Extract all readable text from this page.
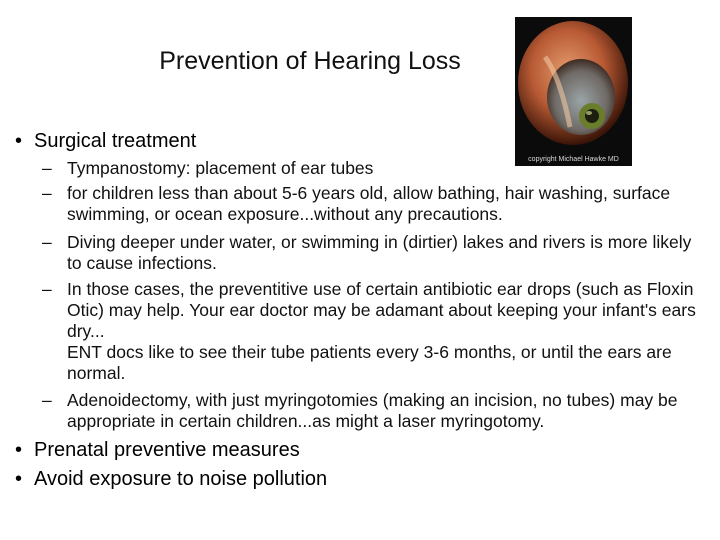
Prevention of Hearing Loss
copyright Michael Hawke MD
• Surgical treatment
– Tympanostomy: placement of ear tubes
– for children less than about 5-6 years old, allow bathing, hair washing, surface swimming, or ocean exposure...without any precautions.
– Diving deeper under water, or swimming in (dirtier) lakes and rivers is more likely to cause infections.
– In those cases, the preventitive use of certain antibiotic ear drops (such as Floxin Otic) may help. Your ear doctor may be adamant about keeping your infant's ears dry...
ENT docs like to see their tube patients every 3-6 months, or until the ears are normal.
– Adenoidectomy, with just myringotomies (making an incision, no tubes) may be appropriate in certain children...as might a laser myringotomy.
• Prenatal preventive measures
• Avoid exposure to noise pollution
